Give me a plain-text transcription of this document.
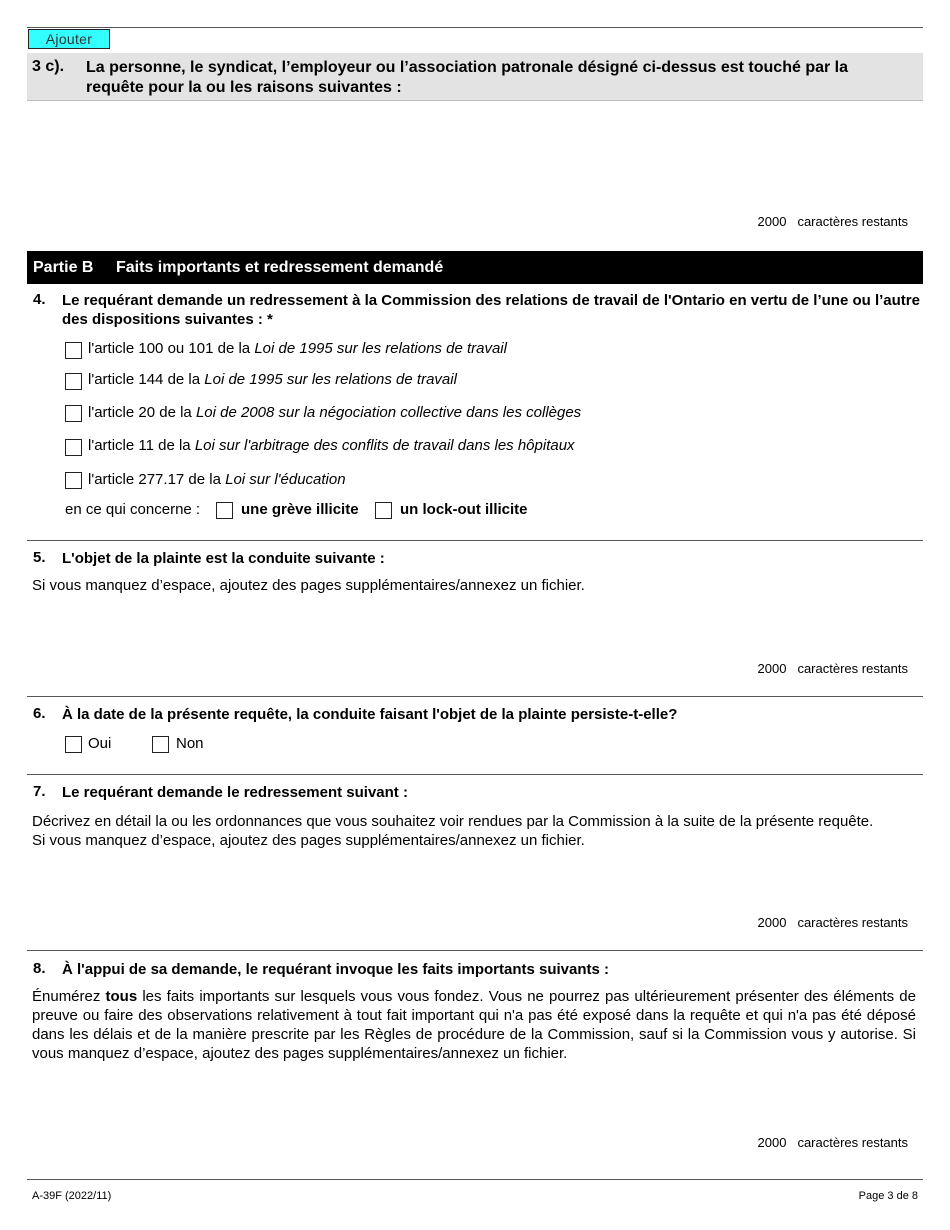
Ajouter
3 c). La personne, le syndicat, l’employeur ou l’association patronale désigné ci-dessus est touché par la requête pour la ou les raisons suivantes :
2000 caractères restants
Partie B Faits importants et redressement demandé
4. Le requérant demande un redressement à la Commission des relations de travail de l'Ontario en vertu de l’une ou l’autre des dispositions suivantes : *
l'article 100 ou 101 de la Loi de 1995 sur les relations de travail
l'article 144 de la Loi de 1995 sur les relations de travail
l'article 20 de la Loi de 2008 sur la négociation collective dans les collèges
l'article 11 de la Loi sur l'arbitrage des conflits de travail dans les hôpitaux
l'article 277.17 de la Loi sur l'éducation
en ce qui concerne :	une grève illicite	un lock-out illicite
5. L'objet de la plainte est la conduite suivante :
Si vous manquez d’espace, ajoutez des pages supplémentaires/annexez un fichier.
2000 caractères restants
6. À la date de la présente requête, la conduite faisant l'objet de la plainte persiste-t-elle?
Oui	Non
7. Le requérant demande le redressement suivant :
Décrivez en détail la ou les ordonnances que vous souhaitez voir rendues par la Commission à la suite de la présente requête.
Si vous manquez d’espace, ajoutez des pages supplémentaires/annexez un fichier.
2000 caractères restants
8. À l'appui de sa demande, le requérant invoque les faits importants suivants :
Énumérez tous les faits importants sur lesquels vous vous fondez. Vous ne pourrez pas ultérieurement présenter des éléments de preuve ou faire des observations relativement à tout fait important qui n'a pas été exposé dans la requête et qui n'a pas été déposé dans les délais et de la manière prescrite par les Règles de procédure de la Commission, sauf si la Commission vous y autorise. Si vous manquez d’espace, ajoutez des pages supplémentaires/annexez un fichier.
2000 caractères restants
A-39F (2022/11)	Page 3 de 8
